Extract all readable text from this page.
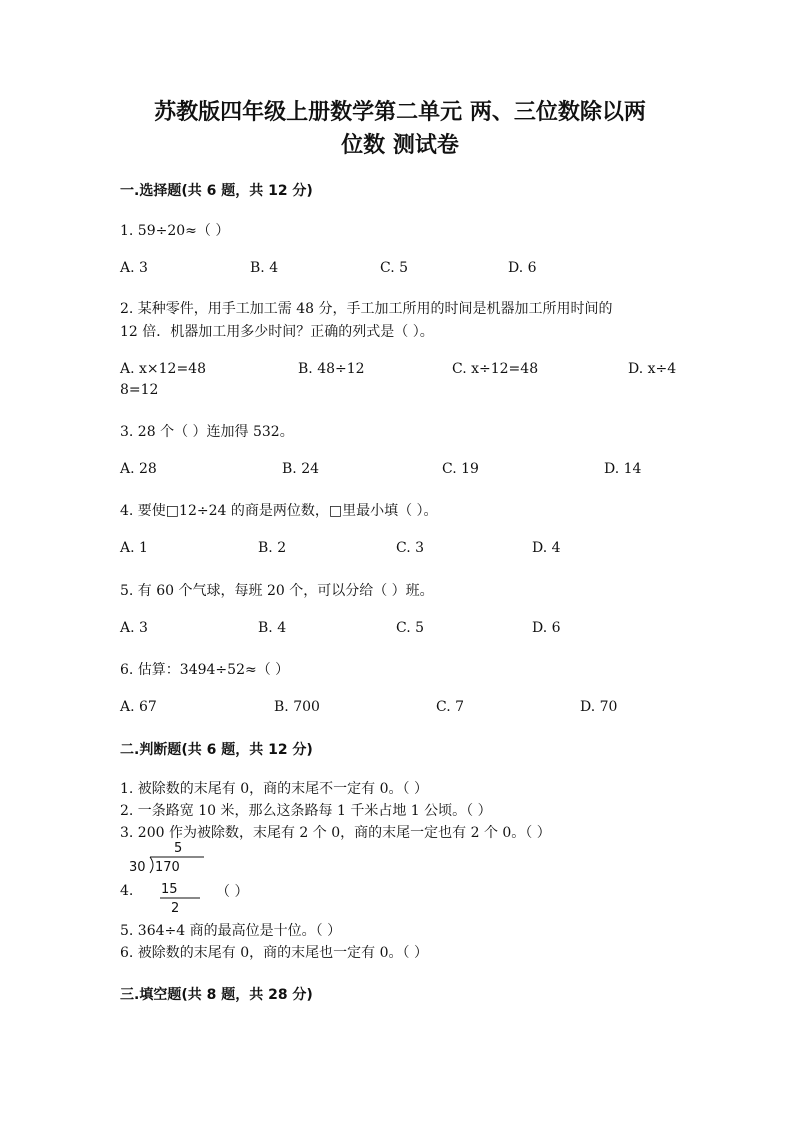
苏教版四年级上册数学第二单元 两、三位数除以两
位数 测试卷
一.选择题(共 6 题，共 12 分)
1. 59÷20≈（ ）
A. 3	B. 4	C. 5	D. 6
2. 某种零件，用手工加工需 48 分，手工加工所用的时间是机器加工所用时间的
12 倍．机器加工用多少时间？正确的列式是（ ）。
A. x×12=48	B. 48÷12	C. x÷12=48	D. x÷4
8=12
3. 28 个（ ）连加得 532。
A. 28	B. 24	C. 19	D. 14
4. 要使□12÷24 的商是两位数，□里最小填（ ）。
A. 1	B. 2	C. 3	D. 4
5. 有 60 个气球，每班 20 个，可以分给（ ）班。
A. 3	B. 4	C. 5	D. 6
6. 估算：3494÷52≈（ ）
A. 67	B. 700	C. 7	D. 70
二.判断题(共 6 题，共 12 分)
1. 被除数的末尾有 0，商的末尾不一定有 0。（ ）
2. 一条路宽 10 米，那么这条路每 1 千米占地 1 公顷。（ ）
3. 200 作为被除数，末尾有 2 个 0，商的末尾一定也有 2 个 0。（ ）
5
30 170
15
2
4.	（ ）
5. 364÷4 商的最高位是十位。（ ）
6. 被除数的末尾有 0，商的末尾也一定有 0。（ ）
三.填空题(共 8 题，共 28 分)
